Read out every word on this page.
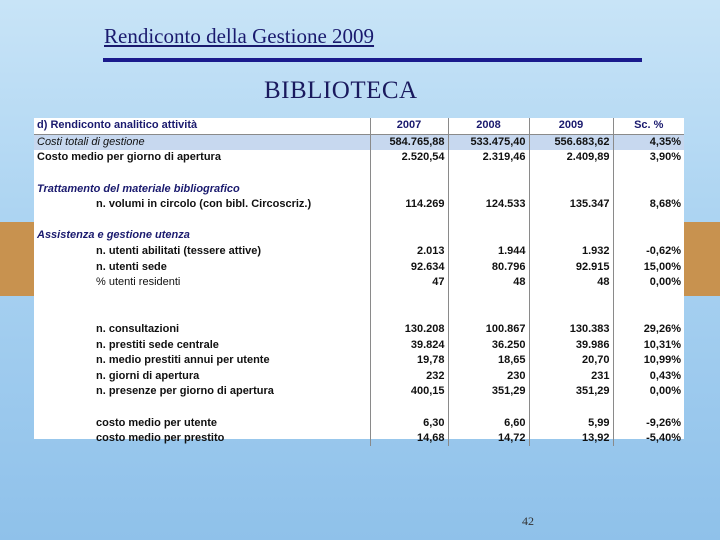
Rendiconto della Gestione 2009
BIBLIOTECA
d) Rendiconto analitico attività	2007	2008	2009	Sc. %
Costi totali di gestione	584.765,88	533.475,40	556.683,62	4,35%
Costo medio per giorno di apertura	2.520,54	2.319,46	2.409,89	3,90%

Trattamento del materiale bibliografico				
n. volumi in circolo (con bibl. Circoscriz.)	114.269	124.533	135.347	8,68%

Assistenza e gestione utenza				
n. utenti abilitati (tessere attive)	2.013	1.944	1.932	-0,62%
n. utenti sede	92.634	80.796	92.915	15,00%
% utenti residenti	47	48	48	0,00%

n. consultazioni	130.208	100.867	130.383	29,26%
n. prestiti sede centrale	39.824	36.250	39.986	10,31%
n. medio prestiti annui per utente	19,78	18,65	20,70	10,99%
n. giorni di apertura	232	230	231	0,43%
n. presenze per giorno di apertura	400,15	351,29	351,29	0,00%

costo medio per utente	6,30	6,60	5,99	-9,26%
costo medio per prestito	14,68	14,72	13,92	-5,40%
42
